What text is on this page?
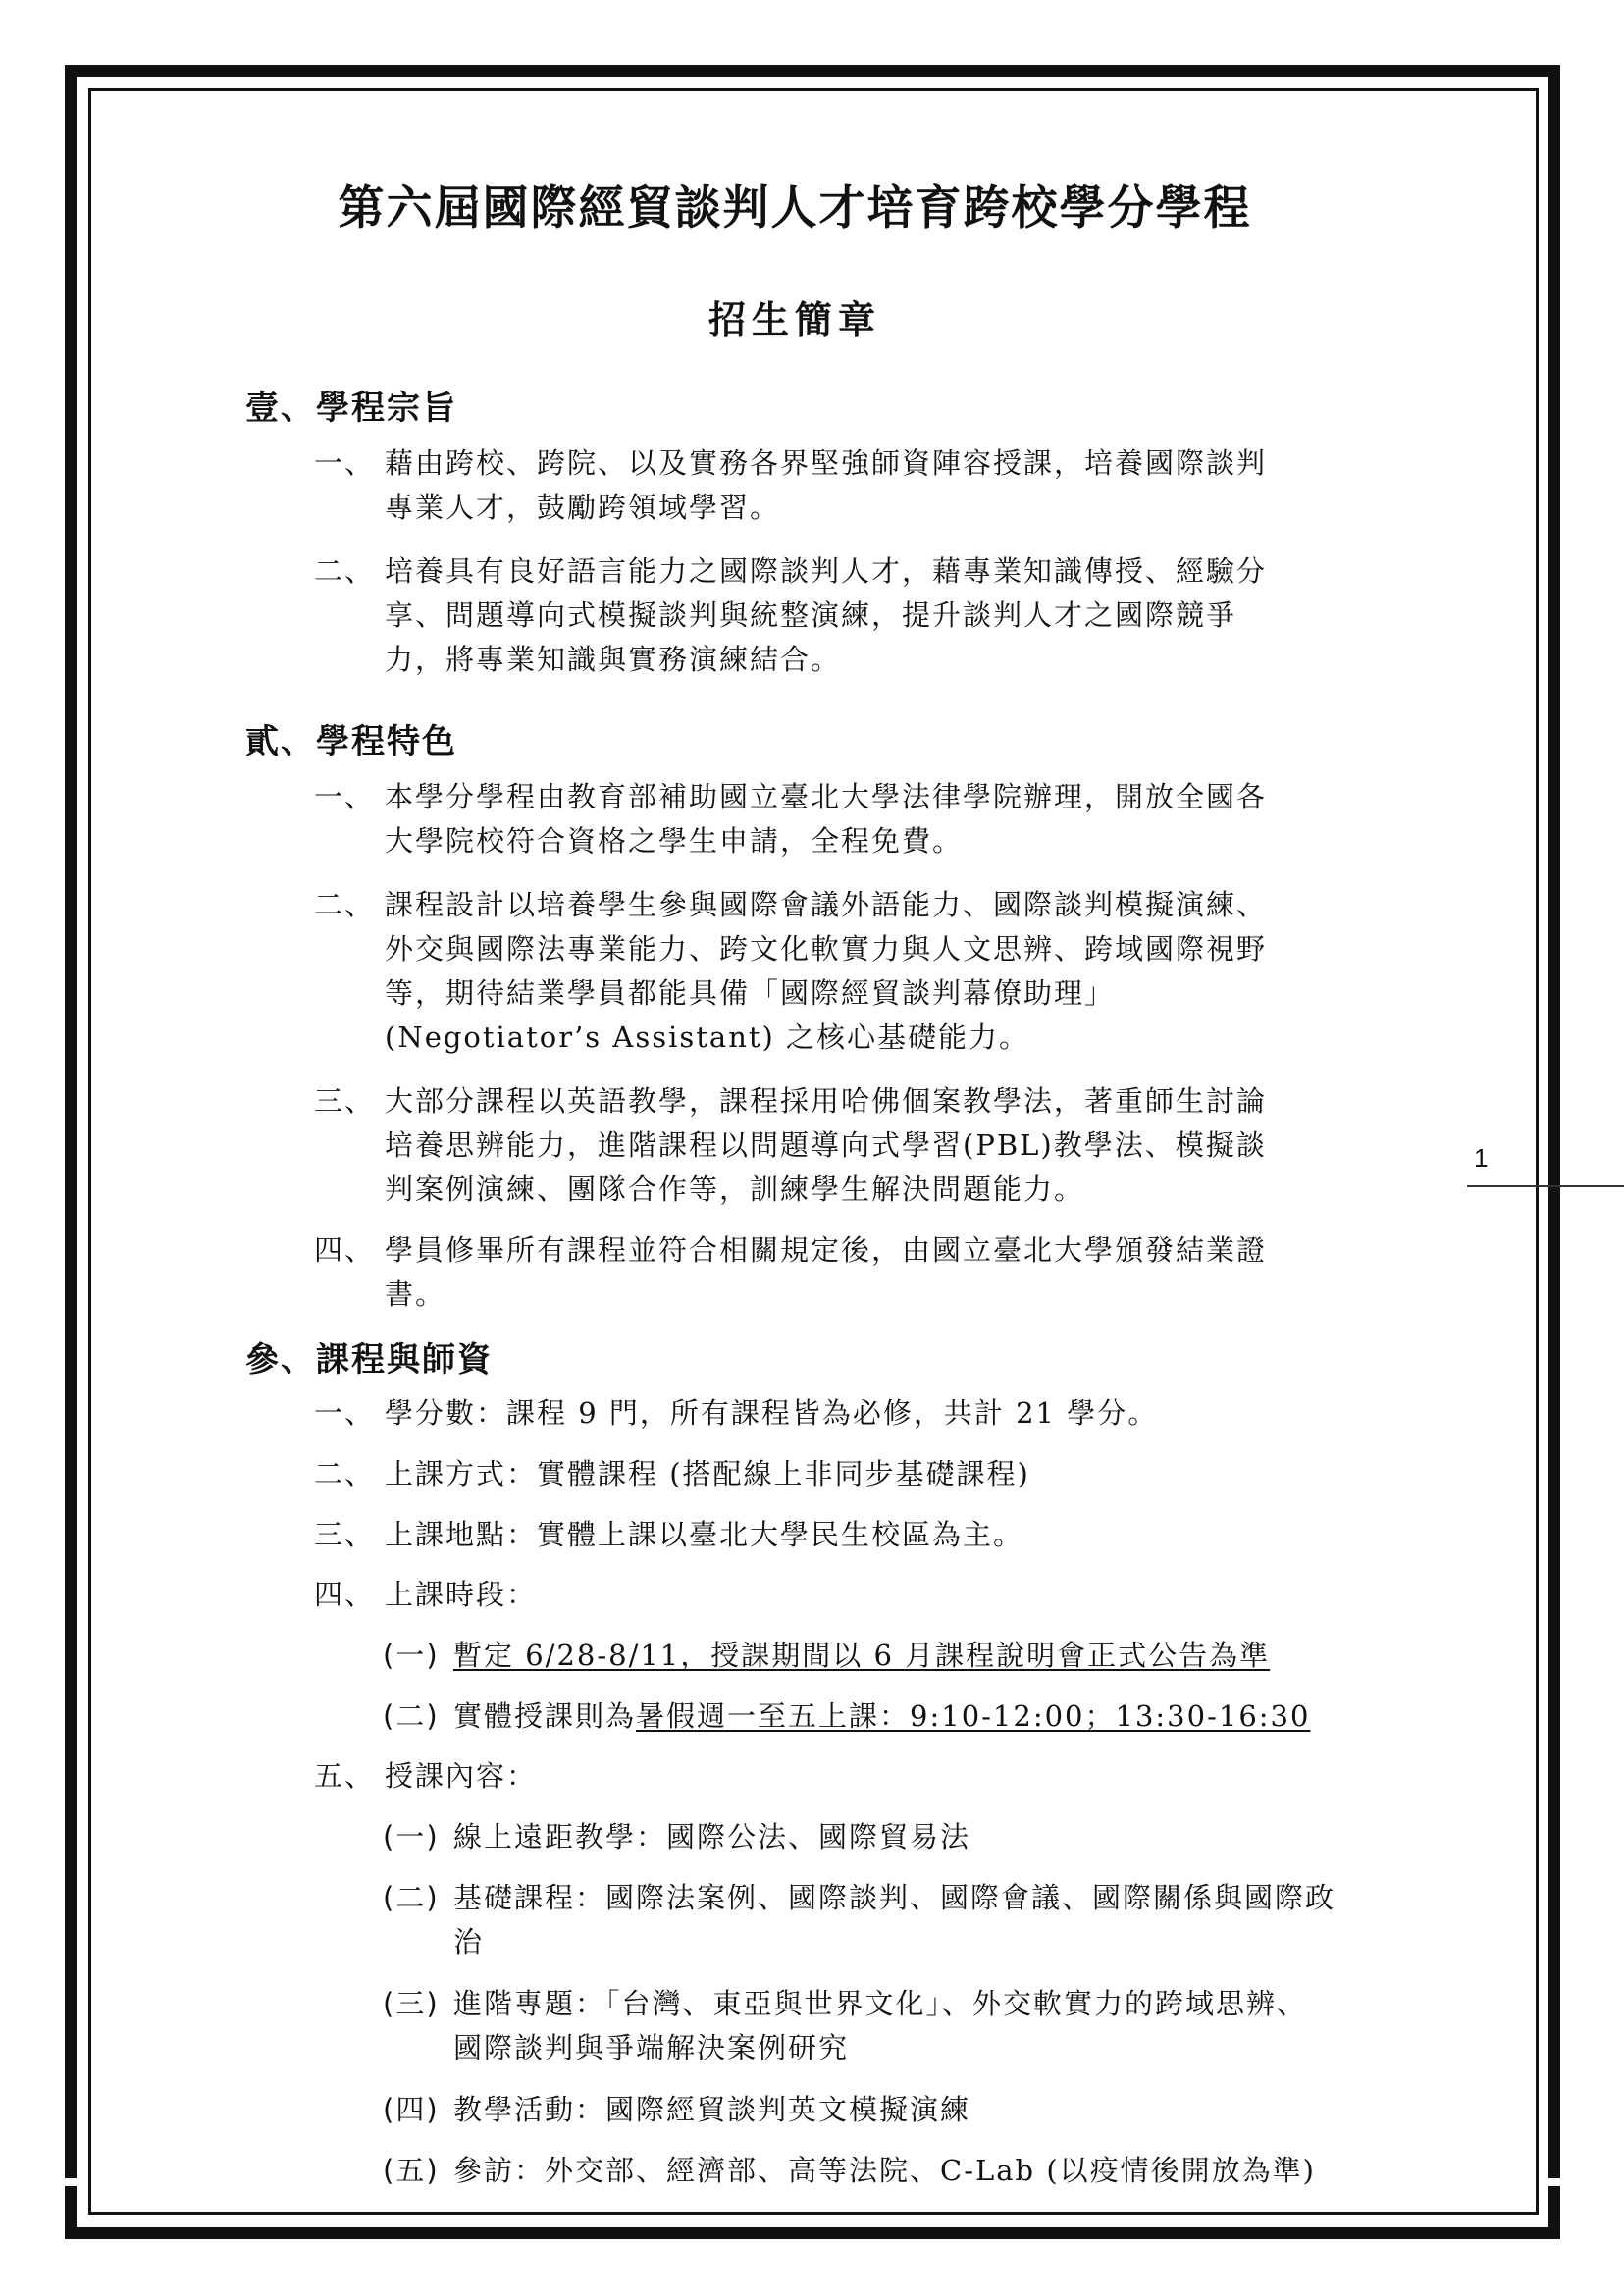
1
第六屆國際經貿談判人才培育跨校學分學程
招生簡章
壹、學程宗旨
一、 藉由跨校、跨院、以及實務各界堅強師資陣容授課，培養國際談判專業人才，鼓勵跨領域學習。
二、 培養具有良好語言能力之國際談判人才，藉專業知識傳授、經驗分享、問題導向式模擬談判與統整演練，提升談判人才之國際競爭力，將專業知識與實務演練結合。
貳、學程特色
一、 本學分學程由教育部補助國立臺北大學法律學院辦理，開放全國各大學院校符合資格之學生申請，全程免費。
二、 課程設計以培養學生參與國際會議外語能力、國際談判模擬演練、外交與國際法專業能力、跨文化軟實力與人文思辨、跨域國際視野等，期待結業學員都能具備「國際經貿談判幕僚助理」(Negotiator’s Assistant) 之核心基礎能力。
三、 大部分課程以英語教學，課程採用哈佛個案教學法，著重師生討論培養思辨能力，進階課程以問題導向式學習(PBL)教學法、模擬談判案例演練、團隊合作等，訓練學生解決問題能力。
四、 學員修畢所有課程並符合相關規定後，由國立臺北大學頒發結業證書。
參、課程與師資
一、 學分數：課程 9 門，所有課程皆為必修，共計 21 學分。
二、 上課方式：實體課程 (搭配線上非同步基礎課程)
三、 上課地點：實體上課以臺北大學民生校區為主。
四、 上課時段：
(一) 暫定 6/28-8/11，授課期間以 6 月課程說明會正式公告為準
(二) 實體授課則為暑假週一至五上課：9:10-12:00；13:30-16:30
五、 授課內容：
(一) 線上遠距教學：國際公法、國際貿易法
(二) 基礎課程：國際法案例、國際談判、國際會議、國際關係與國際政治
(三) 進階專題：「台灣、東亞與世界文化」、外交軟實力的跨域思辨、國際談判與爭端解決案例研究
(四) 教學活動：國際經貿談判英文模擬演練
(五) 參訪：外交部、經濟部、高等法院、C-Lab (以疫情後開放為準)
